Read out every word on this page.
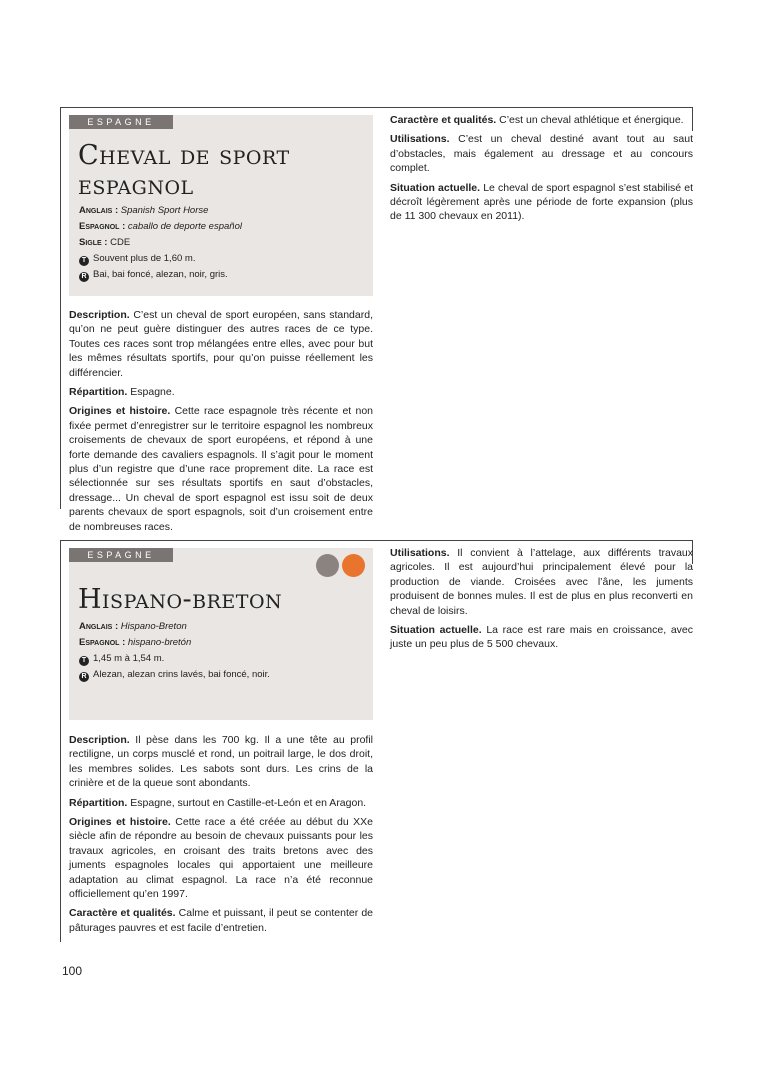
ESPAGNE
Cheval de sport
espagnol
Anglais : Spanish Sport Horse
Espagnol : caballo de deporte español
Sigle : CDE
T Souvent plus de 1,60 m.
R Bai, bai foncé, alezan, noir, gris.

Description. C’est un cheval de sport européen, sans standard, qu’on ne peut guère distinguer des autres races de ce type. Toutes ces races sont trop mélangées entre elles, avec pour but les mêmes résultats sportifs, pour qu’on puisse réellement les différencier.

Répartition. Espagne.

Origines et histoire. Cette race espagnole très récente et non fixée permet d’enregistrer sur le territoire espagnol les nombreux croisements de chevaux de sport européens, et répond à une forte demande des cavaliers espagnols. Il s’agit pour le moment plus d’un registre que d’une race proprement dite. La race est sélectionnée sur ses résultats sportifs en saut d’obstacles, dressage... Un cheval de sport espagnol est issu soit de deux parents chevaux de sport espagnols, soit d’un croisement entre de nombreuses races.

Caractère et qualités. C’est un cheval athlétique et énergique.

Utilisations. C’est un cheval destiné avant tout au saut d’obstacles, mais également au dressage et au concours complet.

Situation actuelle. Le cheval de sport espagnol s’est stabilisé et décroît légèrement après une période de forte expansion (plus de 11 300 chevaux en 2011).

ESPAGNE
Hispano-breton
Anglais : Hispano-Breton
Espagnol : hispano-bretón
T 1,45 m à 1,54 m.
R Alezan, alezan crins lavés, bai foncé, noir.

Description. Il pèse dans les 700 kg. Il a une tête au profil rectiligne, un corps musclé et rond, un poitrail large, le dos droit, les membres solides. Les sabots sont durs. Les crins de la crinière et de la queue sont abondants.

Répartition. Espagne, surtout en Castille-et-León et en Aragon.

Origines et histoire. Cette race a été créée au début du XXe siècle afin de répondre au besoin de chevaux puissants pour les travaux agricoles, en croisant des traits bretons avec des juments espagnoles locales qui apportaient une meilleure adaptation au climat espagnol. La race n’a été reconnue officiellement qu’en 1997.

Caractère et qualités. Calme et puissant, il peut se contenter de pâturages pauvres et est facile d’entretien.

Utilisations. Il convient à l’attelage, aux différents travaux agricoles. Il est aujourd’hui principalement élevé pour la production de viande. Croisées avec l’âne, les juments produisent de bonnes mules. Il est de plus en plus reconverti en cheval de loisirs.

Situation actuelle. La race est rare mais en croissance, avec juste un peu plus de 5 500 chevaux.

100
